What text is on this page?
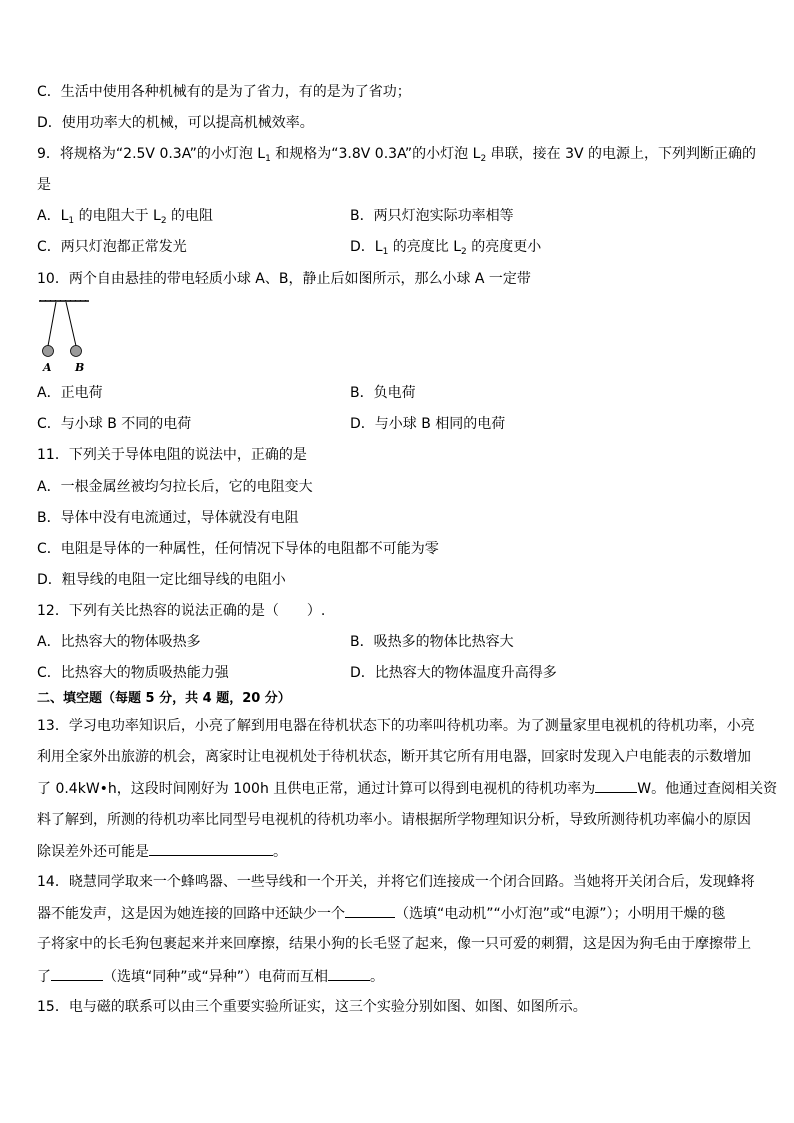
C．生活中使用各种机械有的是为了省力，有的是为了省功；
D．使用功率大的机械，可以提高机械效率。
9．将规格为“2.5V 0.3A”的小灯泡 $L_1$ 和规格为“3.8V 0.3A”的小灯泡 $L_2$ 串联，接在 3V 的电源上，下列判断正确的
是
A．$L_1$ 的电阻大于 $L_2$ 的电阻	B．两只灯泡实际功率相等
C．两只灯泡都正常发光	D．$L_1$ 的亮度比 $L_2$ 的亮度更小
10．两个自由悬挂的带电轻质小球 A、B，静止后如图所示，那么小球 A 一定带
A B
A．正电荷	B．负电荷
C．与小球 B 不同的电荷	D．与小球 B 相同的电荷
11．下列关于导体电阻的说法中，正确的是
A．一根金属丝被均匀拉长后，它的电阻变大
B．导体中没有电流通过，导体就没有电阻
C．电阻是导体的一种属性，任何情况下导体的电阻都不可能为零
D．粗导线的电阻一定比细导线的电阻小
12．下列有关比热容的说法正确的是（　　）.
A．比热容大的物体吸热多	B．吸热多的物体比热容大
C．比热容大的物质吸热能力强	D．比热容大的物体温度升高得多
二、填空题（每题 5 分，共 4 题，20 分）
13．学习电功率知识后，小亮了解到用电器在待机状态下的功率叫待机功率。为了测量家里电视机的待机功率，小亮
利用全家外出旅游的机会，离家时让电视机处于待机状态，断开其它所有用电器，回家时发现入户电能表的示数增加
了 0.4kW•h，这段时间刚好为 100h 且供电正常，通过计算可以得到电视机的待机功率为	W。他通过查阅相关资
料了解到，所测的待机功率比同型号电视机的待机功率小。请根据所学物理知识分析，导致所测待机功率偏小的原因
除误差外还可能是	。
14．晓慧同学取来一个蜂鸣器、一些导线和一个开关，并将它们连接成一个闭合回路。当她将开关闭合后，发现蜂将
器不能发声，这是因为她连接的回路中还缺少一个	（选填“电动机”“小灯泡”或“电源”）；小明用干燥的毯
子将家中的长毛狗包裹起来并来回摩擦，结果小狗的长毛竖了起来，像一只可爱的刺猬，这是因为狗毛由于摩擦带上
了	（选填“同种”或“异种”）电荷而互相	。
15．电与磁的联系可以由三个重要实验所证实，这三个实验分别如图、如图、如图所示。
